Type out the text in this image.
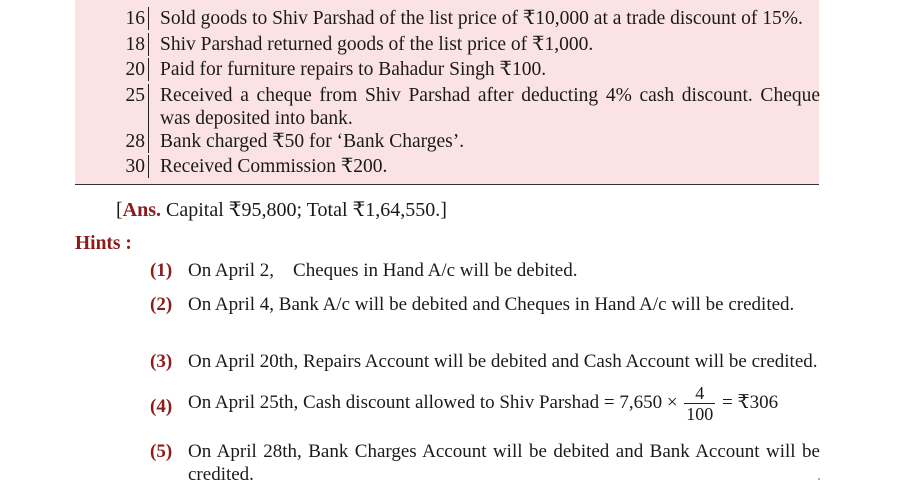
16 Sold goods to Shiv Parshad of the list price of ₹10,000 at a trade discount of 15%.
18 Shiv Parshad returned goods of the list price of ₹1,000.
20 Paid for furniture repairs to Bahadur Singh ₹100.
25 Received a cheque from Shiv Parshad after deducting 4% cash discount. Cheque was deposited into bank.
28 Bank charged ₹50 for ‘Bank Charges’.
30 Received Commission ₹200.
[Ans. Capital ₹95,800; Total ₹1,64,550.]
Hints :
(1) On April 2,    Cheques in Hand A/c will be debited.
(2) On April 4, Bank A/c will be debited and Cheques in Hand A/c will be credited.
(3) On April 20th, Repairs Account will be debited and Cash Account will be credited.
(4) On April 25th, Cash discount allowed to Shiv Parshad = $7,650 \times \frac{4}{100}$ = ₹306
(5) On April 28th, Bank Charges Account will be debited and Bank Account will be credited.
